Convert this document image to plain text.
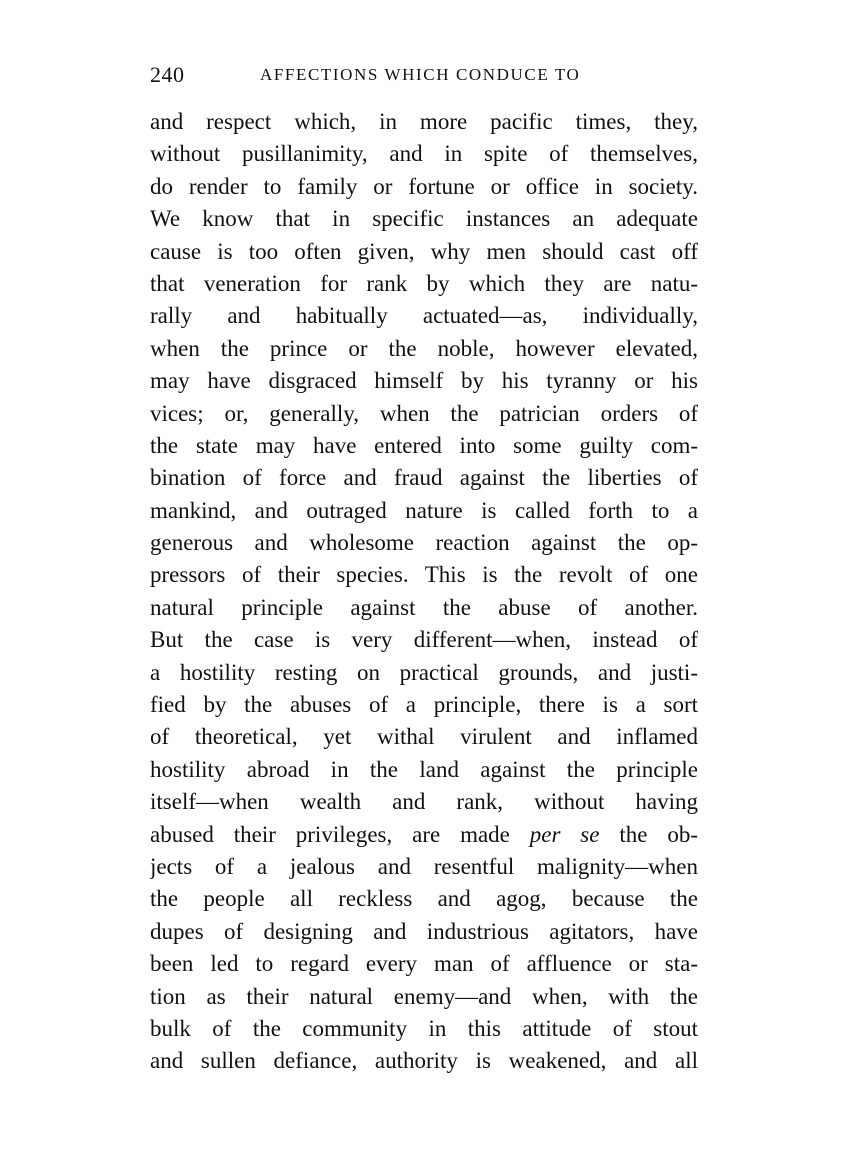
240	AFFECTIONS WHICH CONDUCE TO
and respect which, in more pacific times, they,
without pusillanimity, and in spite of themselves,
do render to family or fortune or office in society.
We know that in specific instances an adequate
cause is too often given, why men should cast off
that veneration for rank by which they are natu-
rally and habitually actuated—as, individually,
when the prince or the noble, however elevated,
may have disgraced himself by his tyranny or his
vices; or, generally, when the patrician orders of
the state may have entered into some guilty com-
bination of force and fraud against the liberties of
mankind, and outraged nature is called forth to a
generous and wholesome reaction against the op-
pressors of their species. This is the revolt of one
natural principle against the abuse of another.
But the case is very different—when, instead of
a hostility resting on practical grounds, and justi-
fied by the abuses of a principle, there is a sort
of theoretical, yet withal virulent and inflamed
hostility abroad in the land against the principle
itself—when wealth and rank, without having
abused their privileges, are made per se the ob-
jects of a jealous and resentful malignity—when
the people all reckless and agog, because the
dupes of designing and industrious agitators, have
been led to regard every man of affluence or sta-
tion as their natural enemy—and when, with the
bulk of the community in this attitude of stout
and sullen defiance, authority is weakened, and all
